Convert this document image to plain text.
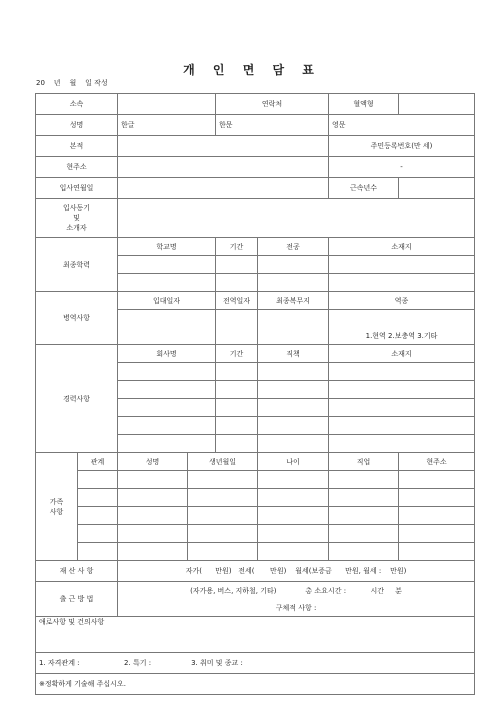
개 인 면 담 표
20    년    월    일 작성
소속				연락처		혈액형	
성명		한글		한문		영문	
본적						주민등록번호(만 세)	
현주소						-	
입사연월일						근속년수	

입사동기
및
소개자							

최종학력		학교명		기간	전공	소재지	

병역사항		입대일자		전역일자	최종복무지	역종	

						1.현역 2.보충역 3.기타	
경력사항		회사명		기간	직책	소재지	

가족
사항	관계	성명	생년월일		나이	직업	현주소

재 산 사 항		자가(      만원)   전세(       만원)    월세(보증금      만원, 월세 :    만원)					
출 근 방 법		(자가용, 버스, 지하철, 기타)             총 소요시간 :           시간     분					
		구체적 사항 :					
애로사항 및 건의사항							
1. 자격관계 :                    2. 특기 :                  3. 취미 및 종교 :							
※정확하게 기술해 주십시오.							
